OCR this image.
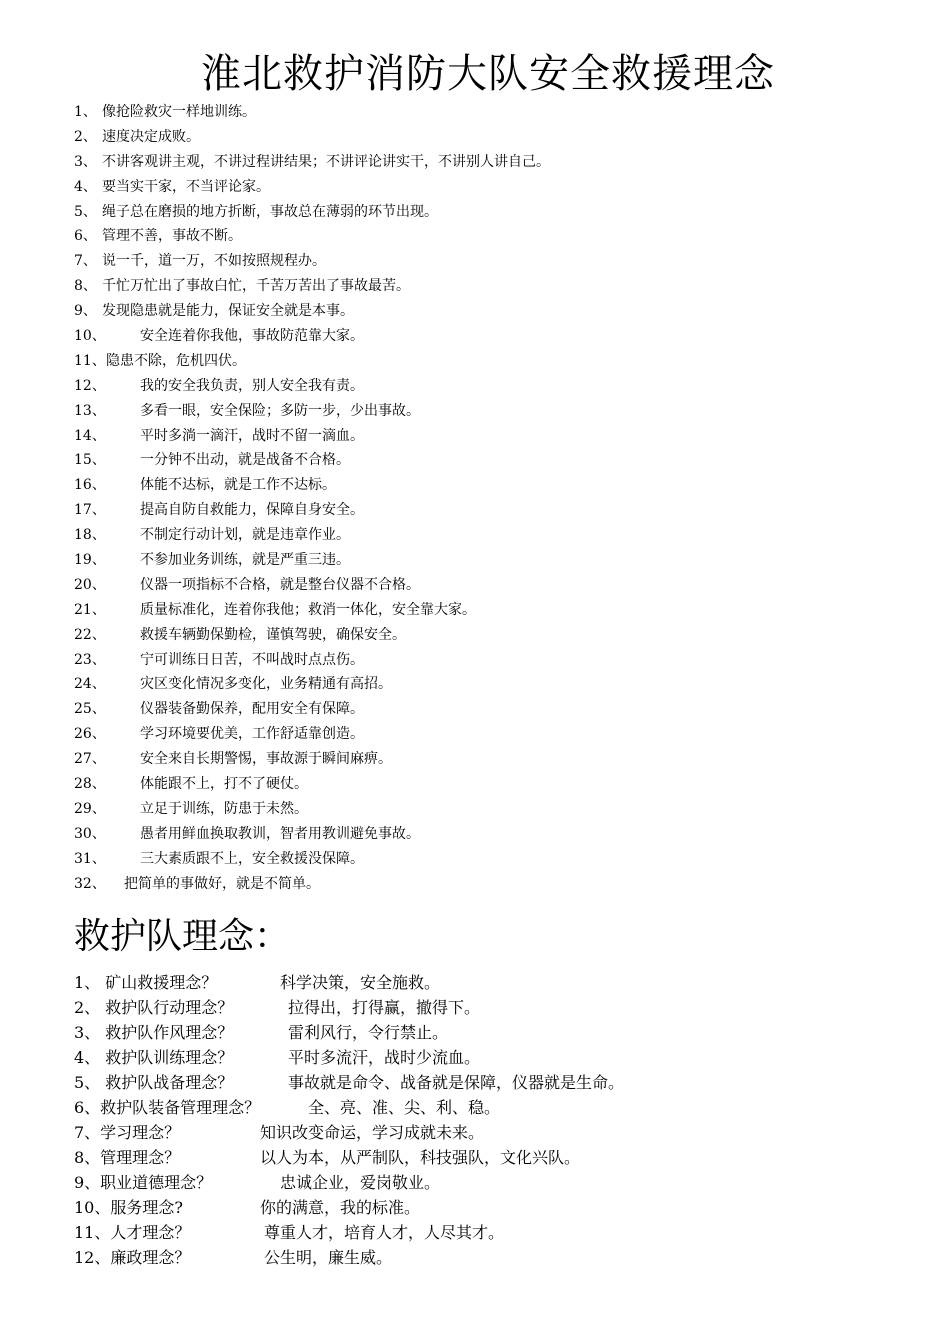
淮北救护消防大队安全救援理念
1、 像抢险救灾一样地训练。
2、 速度决定成败。
3、 不讲客观讲主观，不讲过程讲结果；不讲评论讲实干，不讲别人讲自己。
4、 要当实干家，不当评论家。
5、 绳子总在磨损的地方折断，事故总在薄弱的环节出现。
6、 管理不善，事故不断。
7、 说一千，道一万，不如按照规程办。
8、 千忙万忙出了事故白忙，千苦万苦出了事故最苦。
9、 发现隐患就是能力，保证安全就是本事。
10、	安全连着你我他，事故防范靠大家。
11、 隐患不除，危机四伏。
12、	我的安全我负责，别人安全我有责。
13、	多看一眼，安全保险；多防一步，少出事故。
14、	平时多淌一滴汗，战时不留一滴血。
15、	一分钟不出动，就是战备不合格。
16、	体能不达标，就是工作不达标。
17、	提高自防自救能力，保障自身安全。
18、	不制定行动计划，就是违章作业。
19、	不参加业务训练，就是严重三违。
20、	仪器一项指标不合格，就是整台仪器不合格。
21、	质量标准化，连着你我他；救消一体化，安全靠大家。
22、	救援车辆勤保勤检，谨慎驾驶，确保安全。
23、	宁可训练日日苦，不叫战时点点伤。
24、	灾区变化情况多变化，业务精通有高招。
25、	仪器装备勤保养，配用安全有保障。
26、	学习环境要优美，工作舒适靠创造。
27、	安全来自长期警惕，事故源于瞬间麻痹。
28、	体能跟不上，打不了硬仗。
29、	立足于训练，防患于未然。
30、	愚者用鲜血换取教训，智者用教训避免事故。
31、	三大素质跟不上，安全救援没保障。
32、	把简单的事做好，就是不简单。
救护队理念：
1、 矿山救援理念？	科学决策，安全施救。
2、 救护队行动理念？	拉得出，打得赢，撤得下。
3、 救护队作风理念？	雷利风行，令行禁止。
4、 救护队训练理念？	平时多流汗，战时少流血。
5、 救护队战备理念？	事故就是命令、战备就是保障，仪器就是生命。
6、救护队装备管理理念？	全、亮、准、尖、利、稳。
7、学习理念？	知识改变命运，学习成就未来。
8、管理理念？	以人为本，从严制队，科技强队，文化兴队。
9、职业道德理念？	忠诚企业，爱岗敬业。
10、服务理念?	你的满意，我的标准。
11、人才理念？	尊重人才，培育人才，人尽其才。
12、廉政理念？	公生明，廉生威。
